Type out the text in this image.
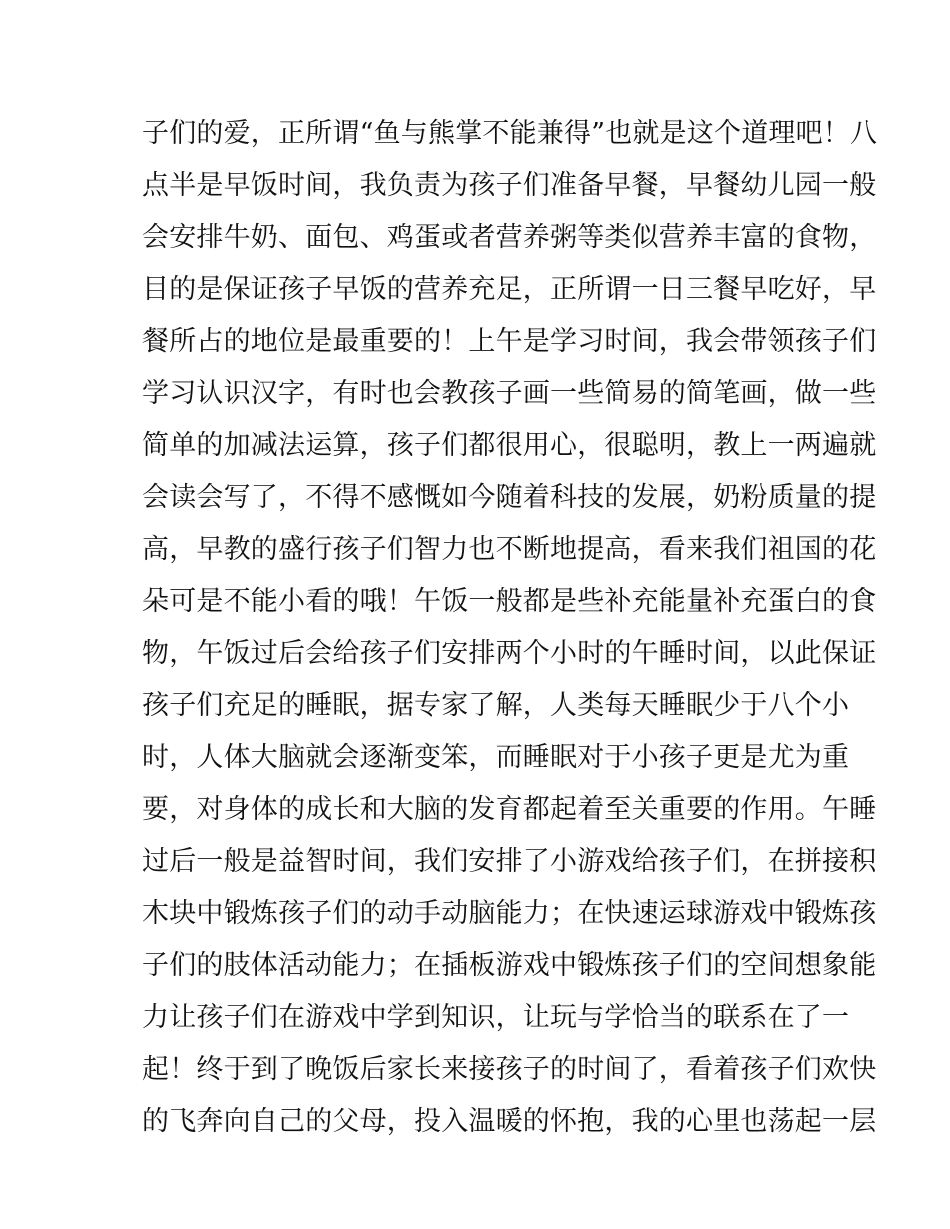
子们的爱，正所谓“鱼与熊掌不能兼得”也就是这个道理吧！八
点半是早饭时间，我负责为孩子们准备早餐，早餐幼儿园一般
会安排牛奶、面包、鸡蛋或者营养粥等类似营养丰富的食物，
目的是保证孩子早饭的营养充足，正所谓一日三餐早吃好，早
餐所占的地位是最重要的！上午是学习时间，我会带领孩子们
学习认识汉字，有时也会教孩子画一些简易的简笔画，做一些
简单的加减法运算，孩子们都很用心，很聪明，教上一两遍就
会读会写了，不得不感慨如今随着科技的发展，奶粉质量的提
高，早教的盛行孩子们智力也不断地提高，看来我们祖国的花
朵可是不能小看的哦！午饭一般都是些补充能量补充蛋白的食
物，午饭过后会给孩子们安排两个小时的午睡时间，以此保证
孩子们充足的睡眠，据专家了解，人类每天睡眠少于八个小
时，人体大脑就会逐渐变笨，而睡眠对于小孩子更是尤为重
要，对身体的成长和大脑的发育都起着至关重要的作用。午睡
过后一般是益智时间，我们安排了小游戏给孩子们，在拼接积
木块中锻炼孩子们的动手动脑能力；在快速运球游戏中锻炼孩
子们的肢体活动能力；在插板游戏中锻炼孩子们的空间想象能
力让孩子们在游戏中学到知识，让玩与学恰当的联系在了一
起！终于到了晚饭后家长来接孩子的时间了，看着孩子们欢快
的飞奔向自己的父母，投入温暖的怀抱，我的心里也荡起一层
